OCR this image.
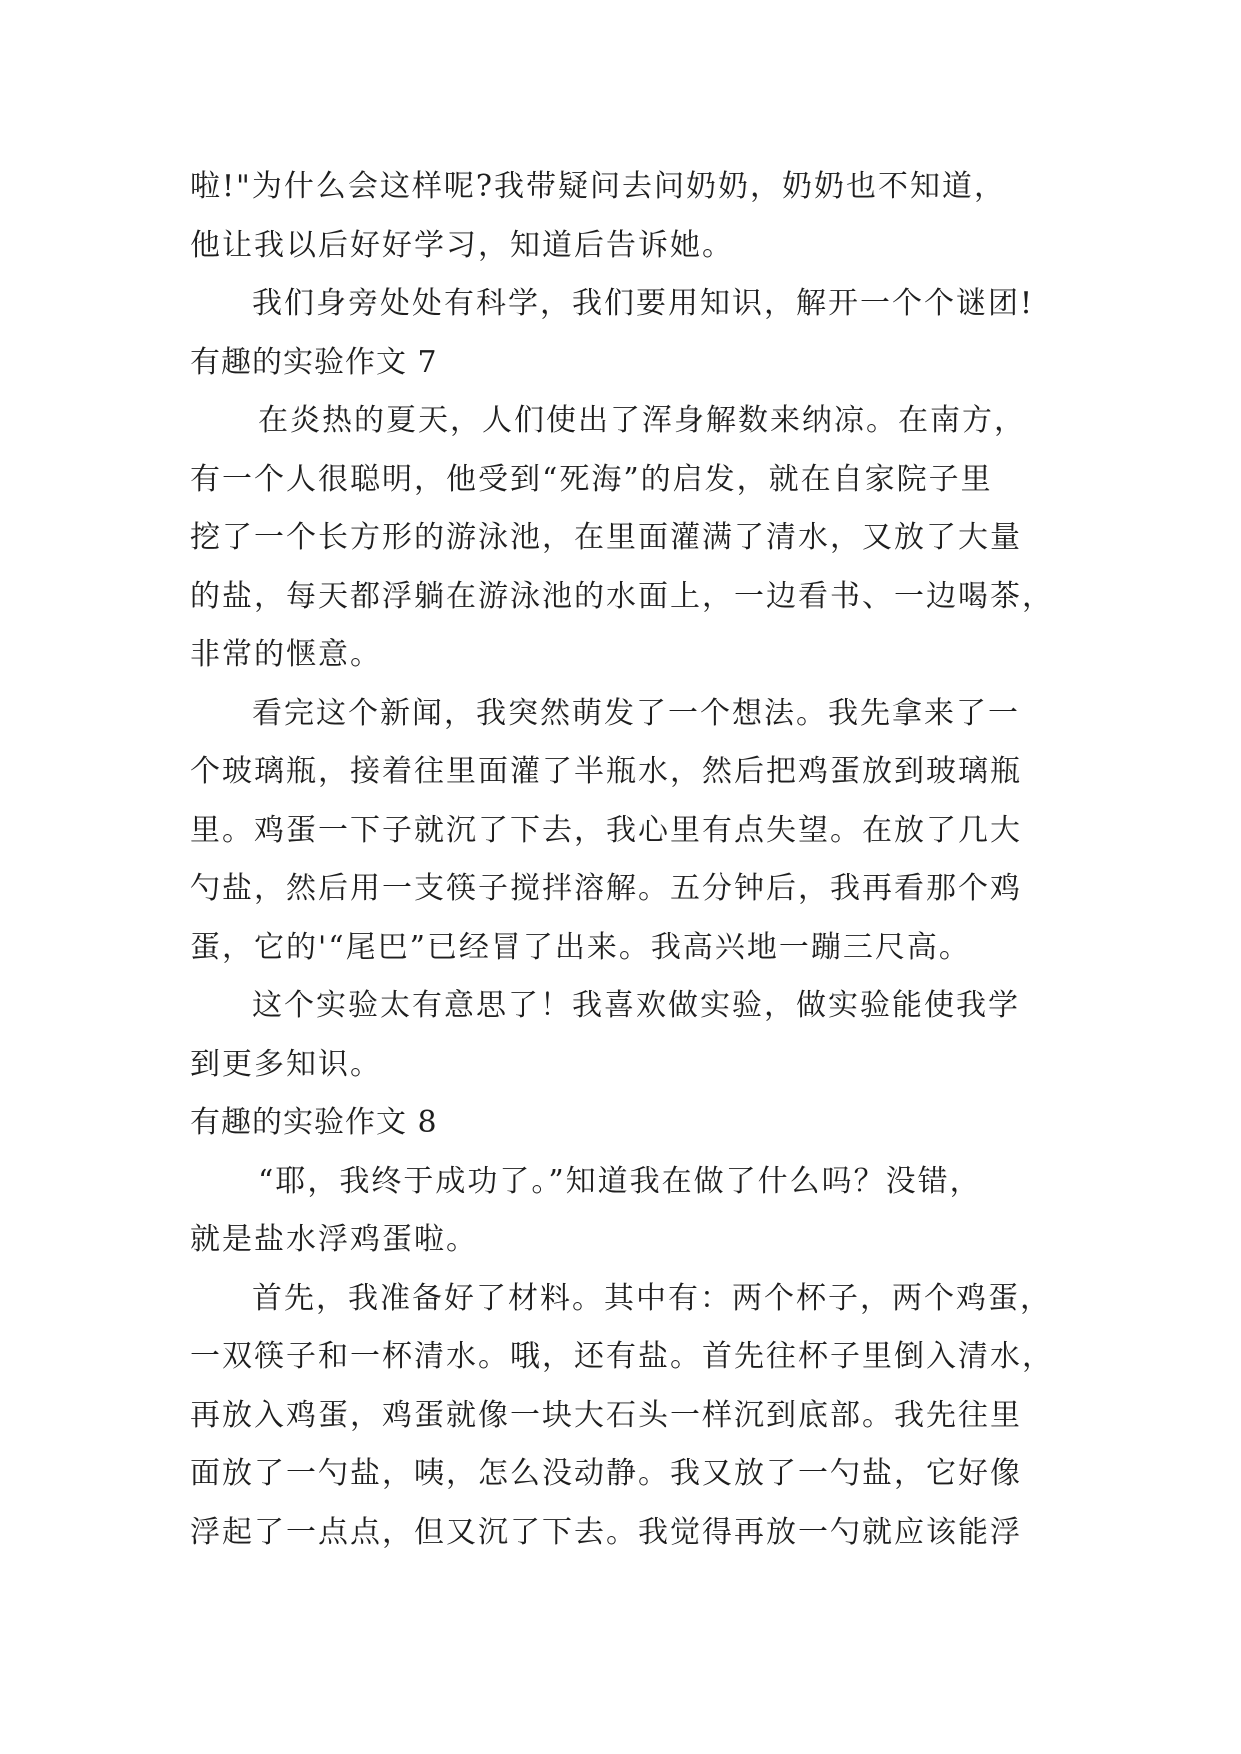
啦!"为什么会这样呢?我带疑问去问奶奶，奶奶也不知道，
他让我以后好好学习，知道后告诉她。
我们身旁处处有科学，我们要用知识，解开一个个谜团!
有趣的实验作文 7
在炎热的夏天，人们使出了浑身解数来纳凉。在南方，
有一个人很聪明，他受到“死海”的启发，就在自家院子里
挖了一个长方形的游泳池，在里面灌满了清水，又放了大量
的盐，每天都浮躺在游泳池的水面上，一边看书、一边喝茶，
非常的惬意。
看完这个新闻，我突然萌发了一个想法。我先拿来了一
个玻璃瓶，接着往里面灌了半瓶水，然后把鸡蛋放到玻璃瓶
里。鸡蛋一下子就沉了下去，我心里有点失望。在放了几大
勺盐，然后用一支筷子搅拌溶解。五分钟后，我再看那个鸡
蛋，它的'“尾巴”已经冒了出来。我高兴地一蹦三尺高。
这个实验太有意思了！我喜欢做实验，做实验能使我学
到更多知识。
有趣的实验作文 8
“耶，我终于成功了。”知道我在做了什么吗？没错，
就是盐水浮鸡蛋啦。
首先，我准备好了材料。其中有：两个杯子，两个鸡蛋，
一双筷子和一杯清水。哦，还有盐。首先往杯子里倒入清水，
再放入鸡蛋，鸡蛋就像一块大石头一样沉到底部。我先往里
面放了一勺盐，咦，怎么没动静。我又放了一勺盐，它好像
浮起了一点点，但又沉了下去。我觉得再放一勺就应该能浮
